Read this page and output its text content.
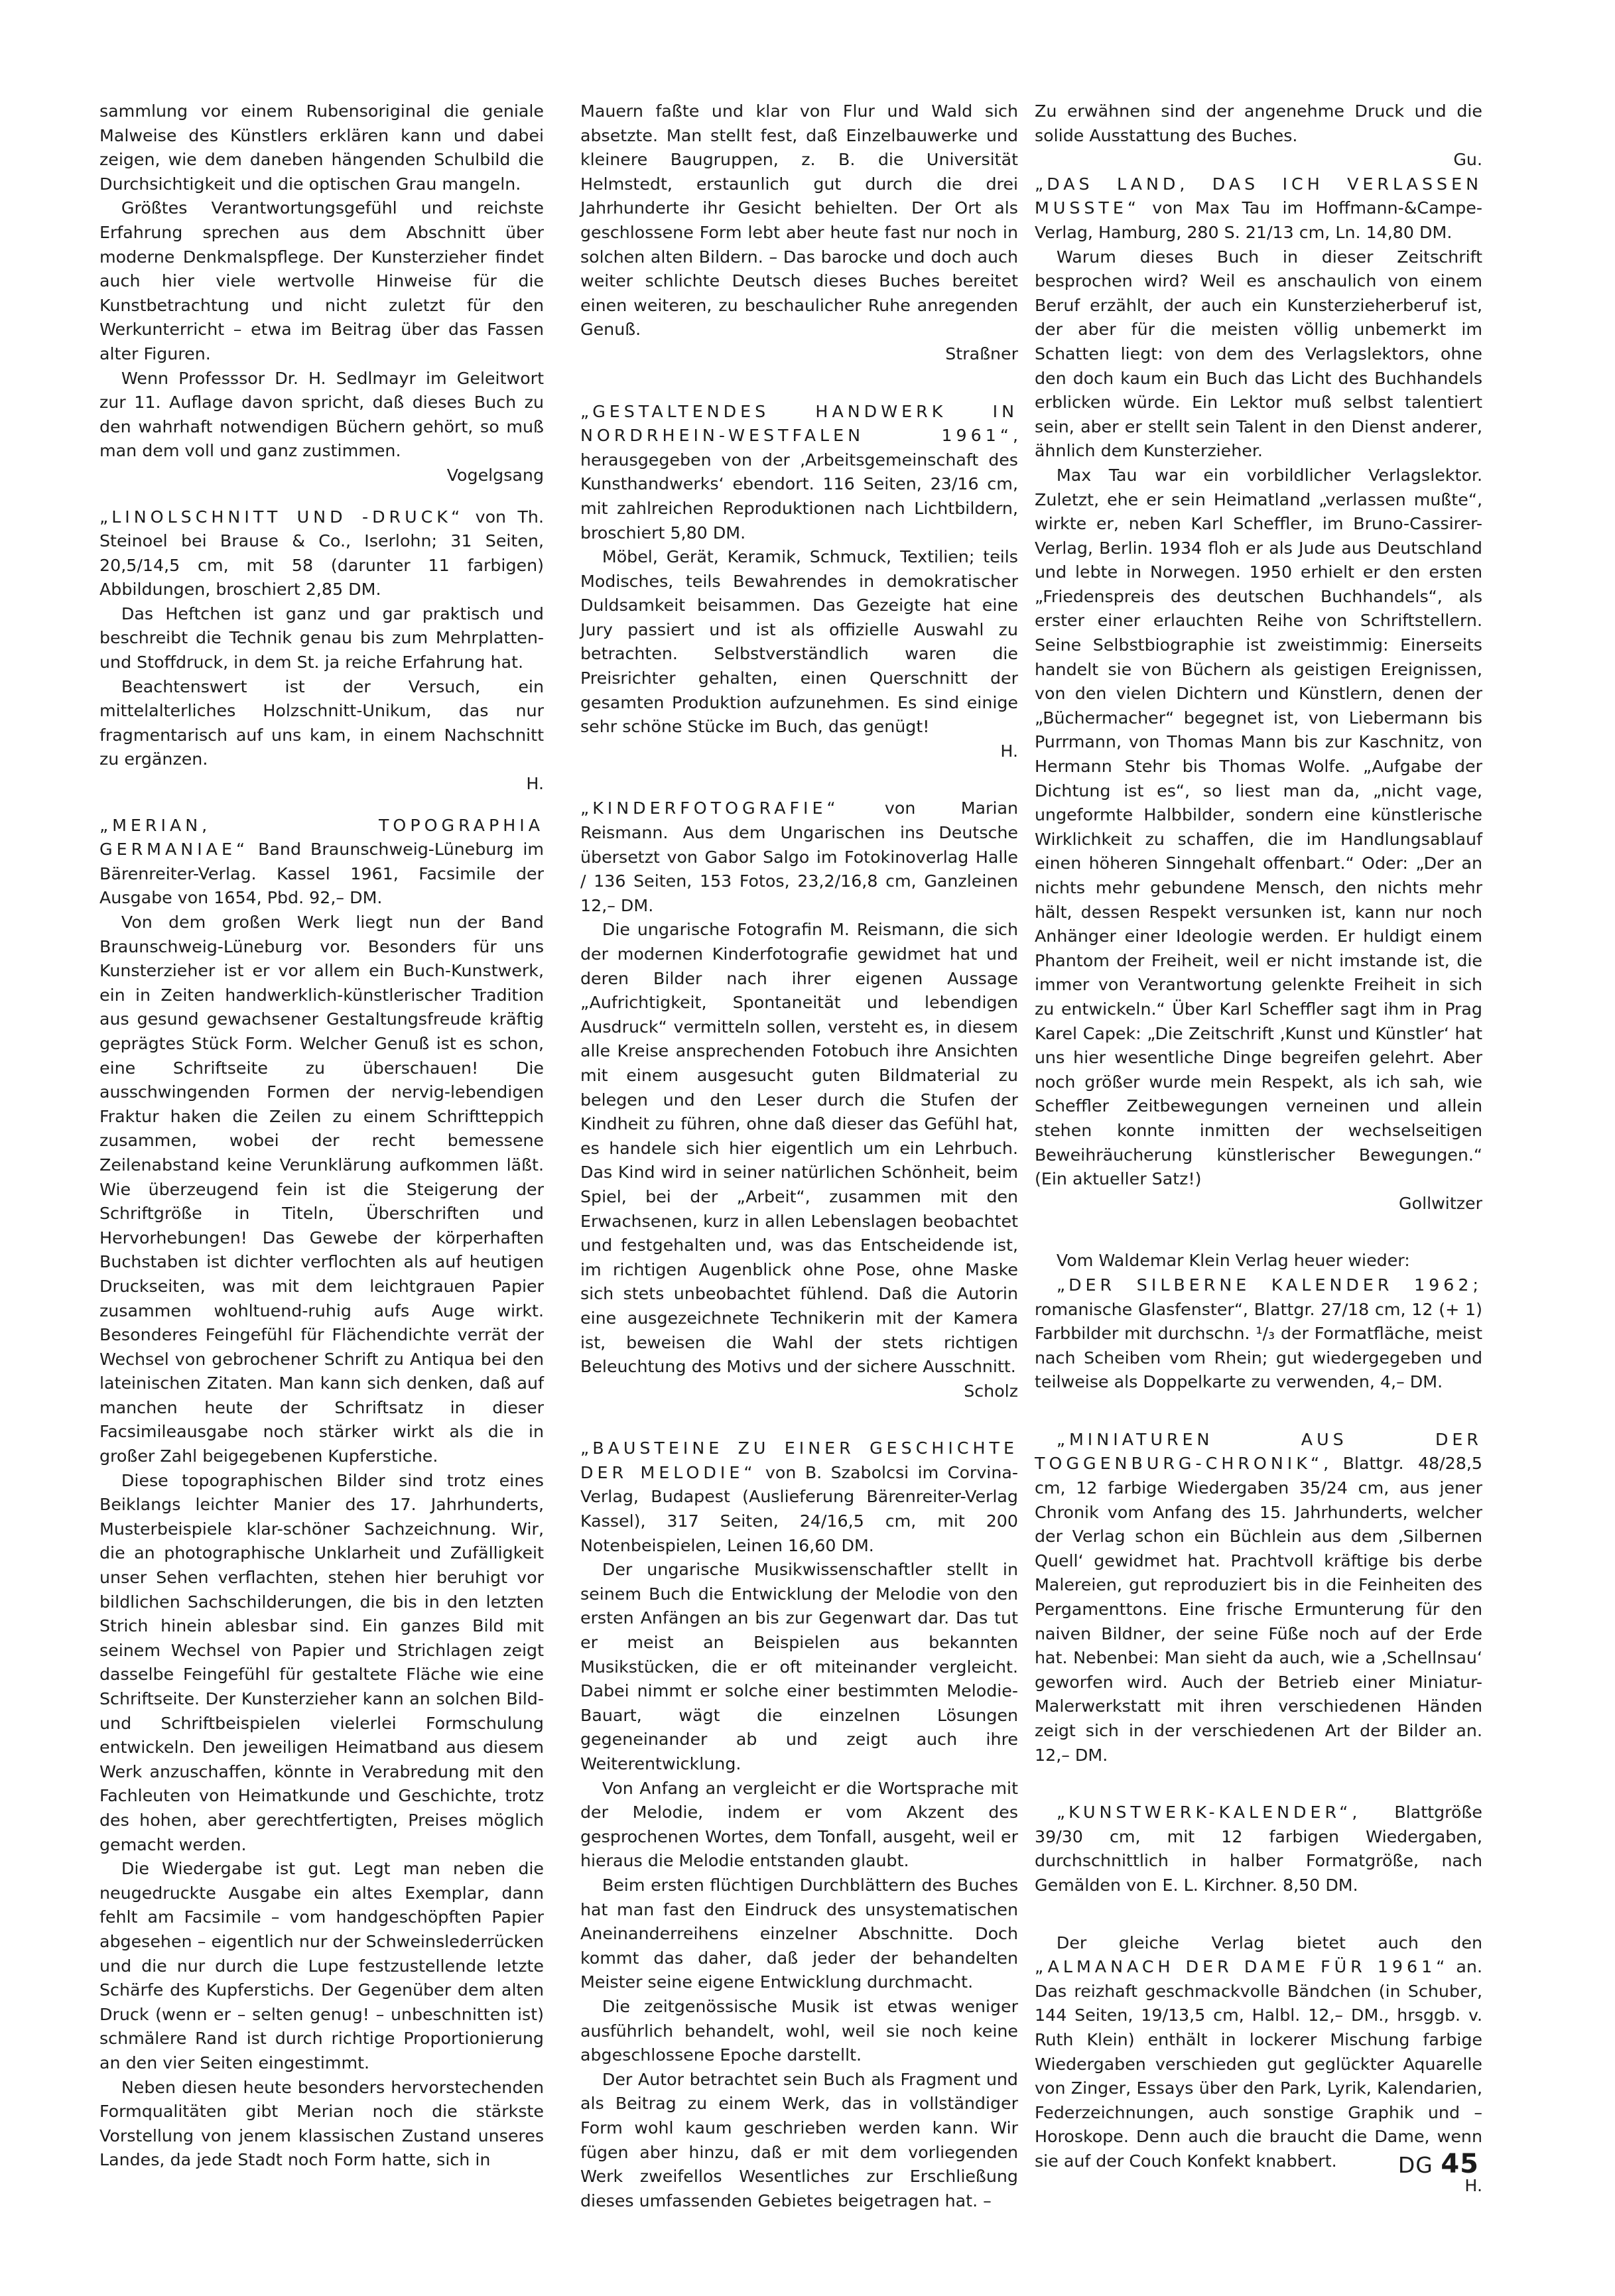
sammlung vor einem Rubensoriginal die geniale Malweise des Künstlers erklären kann und dabei zeigen, wie dem daneben hängenden Schulbild die Durchsichtigkeit und die optischen Grau mangeln.

Größtes Verantwortungsgefühl und reichste Erfahrung sprechen aus dem Abschnitt über moderne Denkmalspflege. Der Kunsterzieher findet auch hier viele wertvolle Hinweise für die Kunstbetrachtung und nicht zuletzt für den Werkunterricht – etwa im Beitrag über das Fassen alter Figuren.

Wenn Professsor Dr. H. Sedlmayr im Geleitwort zur 11. Auflage davon spricht, daß dieses Buch zu den wahrhaft notwendigen Büchern gehört, so muß man dem voll und ganz zustimmen.

Vogelgsang

„LINOLSCHNITT UND -DRUCK“ von Th. Steinoel bei Brause & Co., Iserlohn; 31 Seiten, 20,5/14,5 cm, mit 58 (darunter 11 farbigen) Abbildungen, broschiert 2,85 DM.

Das Heftchen ist ganz und gar praktisch und beschreibt die Technik genau bis zum Mehrplatten- und Stoffdruck, in dem St. ja reiche Erfahrung hat.

Beachtenswert ist der Versuch, ein mittelalterliches Holzschnitt-Unikum, das nur fragmentarisch auf uns kam, in einem Nachschnitt zu ergänzen.

H.

„MERIAN, TOPOGRAPHIA GERMANIAE“ Band Braunschweig-Lüneburg im Bärenreiter-Verlag. Kassel 1961, Facsimile der Ausgabe von 1654, Pbd. 92,– DM.

Von dem großen Werk liegt nun der Band Braunschweig-Lüneburg vor. Besonders für uns Kunsterzieher ist er vor allem ein Buch-Kunstwerk, ein in Zeiten handwerklich-künstlerischer Tradition aus gesund gewachsener Gestaltungsfreude kräftig geprägtes Stück Form. Welcher Genuß ist es schon, eine Schriftseite zu überschauen! Die ausschwingenden Formen der nervig-lebendigen Fraktur haken die Zeilen zu einem Schriftteppich zusammen, wobei der recht bemessene Zeilenabstand keine Verunklärung aufkommen läßt. Wie überzeugend fein ist die Steigerung der Schriftgröße in Titeln, Überschriften und Hervorhebungen! Das Gewebe der körperhaften Buchstaben ist dichter verflochten als auf heutigen Druckseiten, was mit dem leichtgrauen Papier zusammen wohltuend-ruhig aufs Auge wirkt. Besonderes Feingefühl für Flächendichte verrät der Wechsel von gebrochener Schrift zu Antiqua bei den lateinischen Zitaten. Man kann sich denken, daß auf manchen heute der Schriftsatz in dieser Facsimileausgabe noch stärker wirkt als die in großer Zahl beigegebenen Kupferstiche.

Diese topographischen Bilder sind trotz eines Beiklangs leichter Manier des 17. Jahrhunderts, Musterbeispiele klar-schöner Sachzeichnung. Wir, die an photographische Unklarheit und Zufälligkeit unser Sehen verflachten, stehen hier beruhigt vor bildlichen Sachschilderungen, die bis in den letzten Strich hinein ablesbar sind. Ein ganzes Bild mit seinem Wechsel von Papier und Strichlagen zeigt dasselbe Feingefühl für gestaltete Fläche wie eine Schriftseite. Der Kunsterzieher kann an solchen Bild- und Schriftbeispielen vielerlei Formschulung entwickeln. Den jeweiligen Heimatband aus diesem Werk anzuschaffen, könnte in Verabredung mit den Fachleuten von Heimatkunde und Geschichte, trotz des hohen, aber gerechtfertigten, Preises möglich gemacht werden.

Die Wiedergabe ist gut. Legt man neben die neugedruckte Ausgabe ein altes Exemplar, dann fehlt am Facsimile – vom handgeschöpften Papier abgesehen – eigentlich nur der Schweinslederrücken und die nur durch die Lupe festzustellende letzte Schärfe des Kupferstichs. Der Gegenüber dem alten Druck (wenn er – selten genug! – unbeschnitten ist) schmälere Rand ist durch richtige Proportionierung an den vier Seiten eingestimmt.

Neben diesen heute besonders hervorstechenden Formqualitäten gibt Merian noch die stärkste Vorstellung von jenem klassischen Zustand unseres Landes, da jede Stadt noch Form hatte, sich in

Mauern faßte und klar von Flur und Wald sich absetzte. Man stellt fest, daß Einzelbauwerke und kleinere Baugruppen, z. B. die Universität Helmstedt, erstaunlich gut durch die drei Jahrhunderte ihr Gesicht behielten. Der Ort als geschlossene Form lebt aber heute fast nur noch in solchen alten Bildern. – Das barocke und doch auch weiter schlichte Deutsch dieses Buches bereitet einen weiteren, zu beschaulicher Ruhe anregenden Genuß.

Straßner

„GESTALTENDES HANDWERK IN NORDRHEIN-WESTFALEN 1961“, herausgegeben von der ‚Arbeitsgemeinschaft des Kunsthandwerks‘ ebendort. 116 Seiten, 23/16 cm, mit zahlreichen Reproduktionen nach Lichtbildern, broschiert 5,80 DM.

Möbel, Gerät, Keramik, Schmuck, Textilien; teils Modisches, teils Bewahrendes in demokratischer Duldsamkeit beisammen. Das Gezeigte hat eine Jury passiert und ist als offizielle Auswahl zu betrachten. Selbstverständlich waren die Preisrichter gehalten, einen Querschnitt der gesamten Produktion aufzunehmen. Es sind einige sehr schöne Stücke im Buch, das genügt!

H.

„KINDERFOTOGRAFIE“ von Marian Reismann. Aus dem Ungarischen ins Deutsche übersetzt von Gabor Salgo im Fotokinoverlag Halle / 136 Seiten, 153 Fotos, 23,2/16,8 cm, Ganzleinen 12,– DM.

Die ungarische Fotografin M. Reismann, die sich der modernen Kinderfotografie gewidmet hat und deren Bilder nach ihrer eigenen Aussage „Aufrichtigkeit, Spontaneität und lebendigen Ausdruck“ vermitteln sollen, versteht es, in diesem alle Kreise ansprechenden Fotobuch ihre Ansichten mit einem ausgesucht guten Bildmaterial zu belegen und den Leser durch die Stufen der Kindheit zu führen, ohne daß dieser das Gefühl hat, es handele sich hier eigentlich um ein Lehrbuch. Das Kind wird in seiner natürlichen Schönheit, beim Spiel, bei der „Arbeit“, zusammen mit den Erwachsenen, kurz in allen Lebenslagen beobachtet und festgehalten und, was das Entscheidende ist, im richtigen Augenblick ohne Pose, ohne Maske sich stets unbeobachtet fühlend. Daß die Autorin eine ausgezeichnete Technikerin mit der Kamera ist, beweisen die Wahl der stets richtigen Beleuchtung des Motivs und der sichere Ausschnitt.

Scholz

„BAUSTEINE ZU EINER GESCHICHTE DER MELODIE“ von B. Szabolcsi im Corvina-Verlag, Budapest (Auslieferung Bärenreiter-Verlag Kassel), 317 Seiten, 24/16,5 cm, mit 200 Notenbeispielen, Leinen 16,60 DM.

Der ungarische Musikwissenschaftler stellt in seinem Buch die Entwicklung der Melodie von den ersten Anfängen an bis zur Gegenwart dar. Das tut er meist an Beispielen aus bekannten Musikstücken, die er oft miteinander vergleicht. Dabei nimmt er solche einer bestimmten Melodie-Bauart, wägt die einzelnen Lösungen gegeneinander ab und zeigt auch ihre Weiterentwicklung.

Von Anfang an vergleicht er die Wortsprache mit der Melodie, indem er vom Akzent des gesprochenen Wortes, dem Tonfall, ausgeht, weil er hieraus die Melodie entstanden glaubt.

Beim ersten flüchtigen Durchblättern des Buches hat man fast den Eindruck des unsystematischen Aneinanderreihens einzelner Abschnitte. Doch kommt das daher, daß jeder der behandelten Meister seine eigene Entwicklung durchmacht.

Die zeitgenössische Musik ist etwas weniger ausführlich behandelt, wohl, weil sie noch keine abgeschlossene Epoche darstellt.

Der Autor betrachtet sein Buch als Fragment und als Beitrag zu einem Werk, das in vollständiger Form wohl kaum geschrieben werden kann. Wir fügen aber hinzu, daß er mit dem vorliegenden Werk zweifellos Wesentliches zur Erschließung dieses umfassenden Gebietes beigetragen hat. –

Zu erwähnen sind der angenehme Druck und die solide Ausstattung des Buches.

Gu.

„DAS LAND, DAS ICH VERLASSEN MUSSTE“ von Max Tau im Hoffmann-&Campe-Verlag, Hamburg, 280 S. 21/13 cm, Ln. 14,80 DM.

Warum dieses Buch in dieser Zeitschrift besprochen wird? Weil es anschaulich von einem Beruf erzählt, der auch ein Kunsterzieherberuf ist, der aber für die meisten völlig unbemerkt im Schatten liegt: von dem des Verlagslektors, ohne den doch kaum ein Buch das Licht des Buchhandels erblicken würde. Ein Lektor muß selbst talentiert sein, aber er stellt sein Talent in den Dienst anderer, ähnlich dem Kunsterzieher.

Max Tau war ein vorbildlicher Verlagslektor. Zuletzt, ehe er sein Heimatland „verlassen mußte“, wirkte er, neben Karl Scheffler, im Bruno-Cassirer-Verlag, Berlin. 1934 floh er als Jude aus Deutschland und lebte in Norwegen. 1950 erhielt er den ersten „Friedenspreis des deutschen Buchhandels“, als erster einer erlauchten Reihe von Schriftstellern. Seine Selbstbiographie ist zweistimmig: Einerseits handelt sie von Büchern als geistigen Ereignissen, von den vielen Dichtern und Künstlern, denen der „Büchermacher“ begegnet ist, von Liebermann bis Purrmann, von Thomas Mann bis zur Kaschnitz, von Hermann Stehr bis Thomas Wolfe. „Aufgabe der Dichtung ist es“, so liest man da, „nicht vage, ungeformte Halbbilder, sondern eine künstlerische Wirklichkeit zu schaffen, die im Handlungsablauf einen höheren Sinngehalt offenbart.“ Oder: „Der an nichts mehr gebundene Mensch, den nichts mehr hält, dessen Respekt versunken ist, kann nur noch Anhänger einer Ideologie werden. Er huldigt einem Phantom der Freiheit, weil er nicht imstande ist, die immer von Verantwortung gelenkte Freiheit in sich zu entwickeln.“ Über Karl Scheffler sagt ihm in Prag Karel Capek: „Die Zeitschrift ‚Kunst und Künstler‘ hat uns hier wesentliche Dinge begreifen gelehrt. Aber noch größer wurde mein Respekt, als ich sah, wie Scheffler Zeitbewegungen verneinen und allein stehen konnte inmitten der wechselseitigen Beweihräucherung künstlerischer Bewegungen.“ (Ein aktueller Satz!)

Gollwitzer

Vom Waldemar Klein Verlag heuer wieder:

„DER SILBERNE KALENDER 1962; romanische Glasfenster“, Blattgr. 27/18 cm, 12 (+ 1) Farbbilder mit durchschn. ¹/₃ der Formatfläche, meist nach Scheiben vom Rhein; gut wiedergegeben und teilweise als Doppelkarte zu verwenden, 4,– DM.

„MINIATUREN AUS DER TOGGENBURG-CHRONIK“, Blattgr. 48/28,5 cm, 12 farbige Wiedergaben 35/24 cm, aus jener Chronik vom Anfang des 15. Jahrhunderts, welcher der Verlag schon ein Büchlein aus dem ‚Silbernen Quell‘ gewidmet hat. Prachtvoll kräftige bis derbe Malereien, gut reproduziert bis in die Feinheiten des Pergamenttons. Eine frische Ermunterung für den naiven Bildner, der seine Füße noch auf der Erde hat. Nebenbei: Man sieht da auch, wie a ‚Schellnsau‘ geworfen wird. Auch der Betrieb einer Miniatur-Malerwerkstatt mit ihren verschiedenen Händen zeigt sich in der verschiedenen Art der Bilder an. 12,– DM.

„KUNSTWERK-KALENDER“, Blattgröße 39/30 cm, mit 12 farbigen Wiedergaben, durchschnittlich in halber Formatgröße, nach Gemälden von E. L. Kirchner. 8,50 DM.

Der gleiche Verlag bietet auch den „ALMANACH DER DAME FÜR 1961“ an. Das reizhaft geschmackvolle Bändchen (in Schuber, 144 Seiten, 19/13,5 cm, Halbl. 12,– DM., hrsggb. v. Ruth Klein) enthält in lockerer Mischung farbige Wiedergaben verschieden gut geglückter Aquarelle von Zinger, Essays über den Park, Lyrik, Kalendarien, Federzeichnungen, auch sonstige Graphik und – Horoskope. Denn auch die braucht die Dame, wenn sie auf der Couch Konfekt knabbert.

H.
DG 45
